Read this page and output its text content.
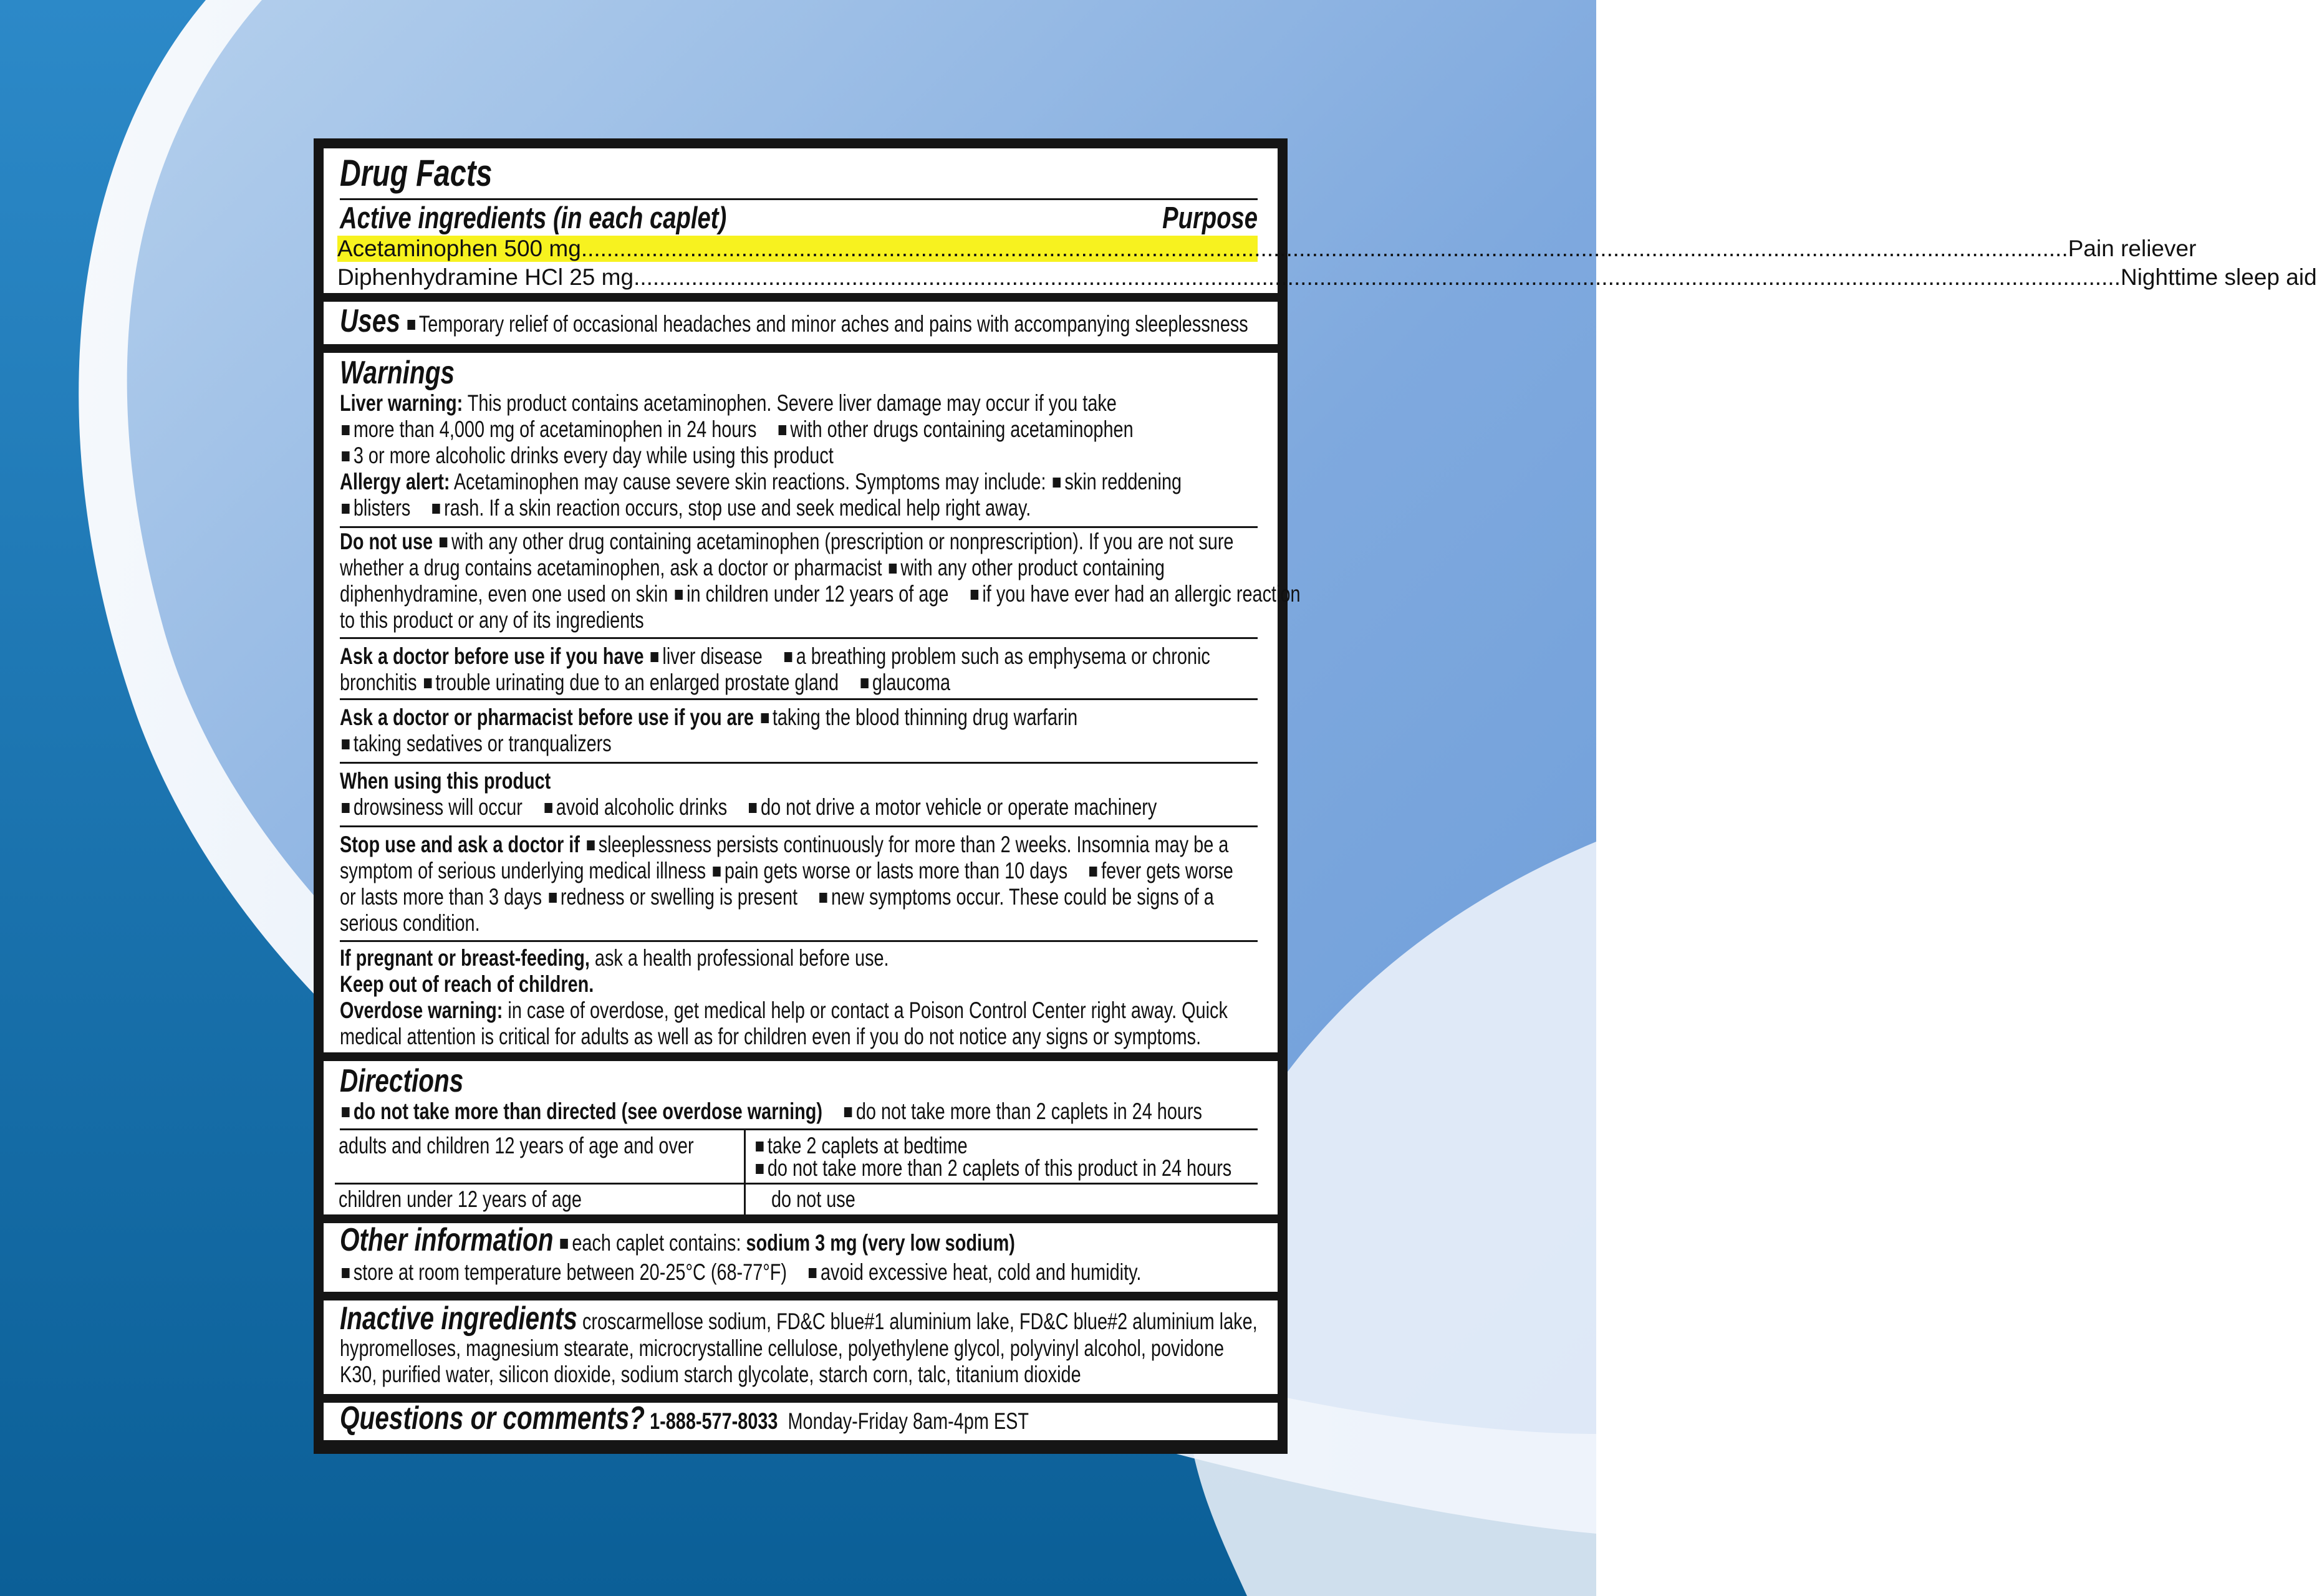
Drug Facts
Active ingredients (in each caplet)	Purpose
Acetaminophen 500 mg ........................................................................................................................................................................................................................................ Pain reliever
Diphenhydramine HCl 25 mg ........................................................................................................................................................................................................................................ Nighttime sleep aid
Uses Temporary relief of occasional headaches and minor aches and pains with accompanying sleeplessness
Warnings
Liver warning: This product contains acetaminophen. Severe liver damage may occur if you take
more than 4,000 mg of acetaminophen in 24 hours with other drugs containing acetaminophen
3 or more alcoholic drinks every day while using this product
Allergy alert: Acetaminophen may cause severe skin reactions. Symptoms may include: skin reddening
blisters rash. If a skin reaction occurs, stop use and seek medical help right away.
Do not use with any other drug containing acetaminophen (prescription or nonprescription). If you are not sure
whether a drug contains acetaminophen, ask a doctor or pharmacist with any other product containing
diphenhydramine, even one used on skin in children under 12 years of age if you have ever had an allergic reaction
to this product or any of its ingredients
Ask a doctor before use if you have liver disease a breathing problem such as emphysema or chronic
bronchitis trouble urinating due to an enlarged prostate gland glaucoma
Ask a doctor or pharmacist before use if you are taking the blood thinning drug warfarin
taking sedatives or tranqualizers
When using this product
drowsiness will occur avoid alcoholic drinks do not drive a motor vehicle or operate machinery
Stop use and ask a doctor if sleeplessness persists continuously for more than 2 weeks. Insomnia may be a
symptom of serious underlying medical illness pain gets worse or lasts more than 10 days fever gets worse
or lasts more than 3 days redness or swelling is present new symptoms occur. These could be signs of a
serious condition.
If pregnant or breast-feeding, ask a health professional before use.
Keep out of reach of children.
Overdose warning: in case of overdose, get medical help or contact a Poison Control Center right away. Quick
medical attention is critical for adults as well as for children even if you do not notice any signs or symptoms.
Directions
do not take more than directed (see overdose warning) do not take more than 2 caplets in 24 hours
adults and children 12 years of age and over	take 2 caplets at bedtime
do not take more than 2 caplets of this product in 24 hours
children under 12 years of age	do not use
Other information each caplet contains: sodium 3 mg (very low sodium)
store at room temperature between 20-25°C (68-77°F) avoid excessive heat, cold and humidity.
Inactive ingredients croscarmellose sodium, FD&C blue#1 aluminium lake, FD&C blue#2 aluminium lake,
hypromelloses, magnesium stearate, microcrystalline cellulose, polyethylene glycol, polyvinyl alcohol, povidone
K30, purified water, silicon dioxide, sodium starch glycolate, starch corn, talc, titanium dioxide
Questions or comments? 1-888-577-8033 Monday-Friday 8am-4pm EST
